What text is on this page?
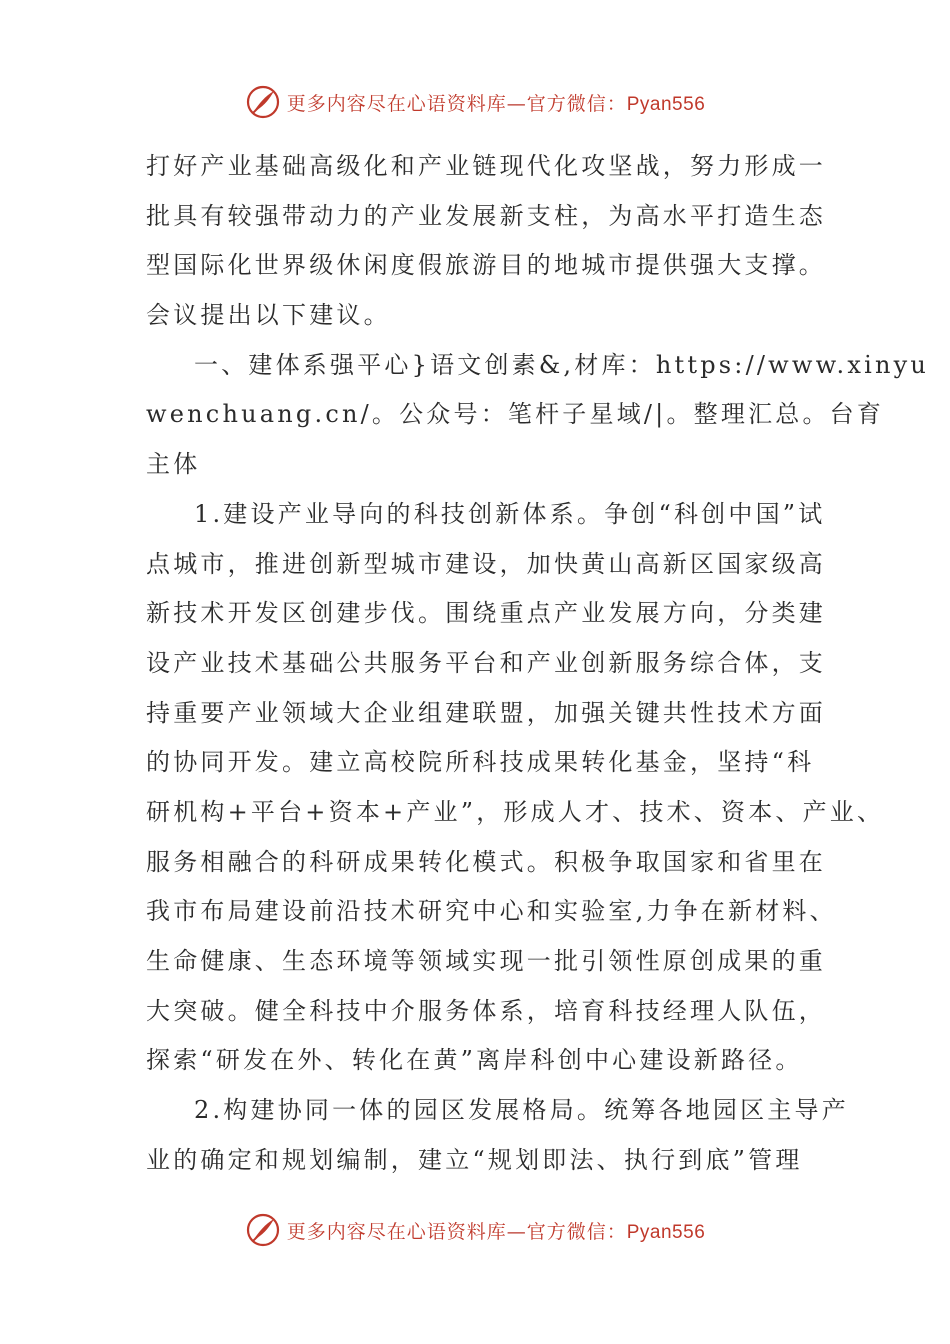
更多内容尽在心语资料库—官方微信：Pyan556
打好产业基础高级化和产业链现代化攻坚战，努力形成一
批具有较强带动力的产业发展新支柱，为高水平打造生态
型国际化世界级休闲度假旅游目的地城市提供强大支撑。
会议提出以下建议。
一、建体系强平心}语文创素&,材库：https://www.xinyu
wenchuang.cn/。公众号：笔杆子星域/|。整理汇总。台育
主体
1.建设产业导向的科技创新体系。争创“科创中国”试
点城市，推进创新型城市建设，加快黄山高新区国家级高
新技术开发区创建步伐。围绕重点产业发展方向，分类建
设产业技术基础公共服务平台和产业创新服务综合体，支
持重要产业领域大企业组建联盟，加强关键共性技术方面
的协同开发。建立高校院所科技成果转化基金，坚持“科
研机构+平台+资本+产业”，形成人才、技术、资本、产业、
服务相融合的科研成果转化模式。积极争取国家和省里在
我市布局建设前沿技术研究中心和实验室,力争在新材料、
生命健康、生态环境等领域实现一批引领性原创成果的重
大突破。健全科技中介服务体系，培育科技经理人队伍，
探索“研发在外、转化在黄”离岸科创中心建设新路径。
2.构建协同一体的园区发展格局。统筹各地园区主导产
业的确定和规划编制，建立“规划即法、执行到底”管理
更多内容尽在心语资料库—官方微信：Pyan556
